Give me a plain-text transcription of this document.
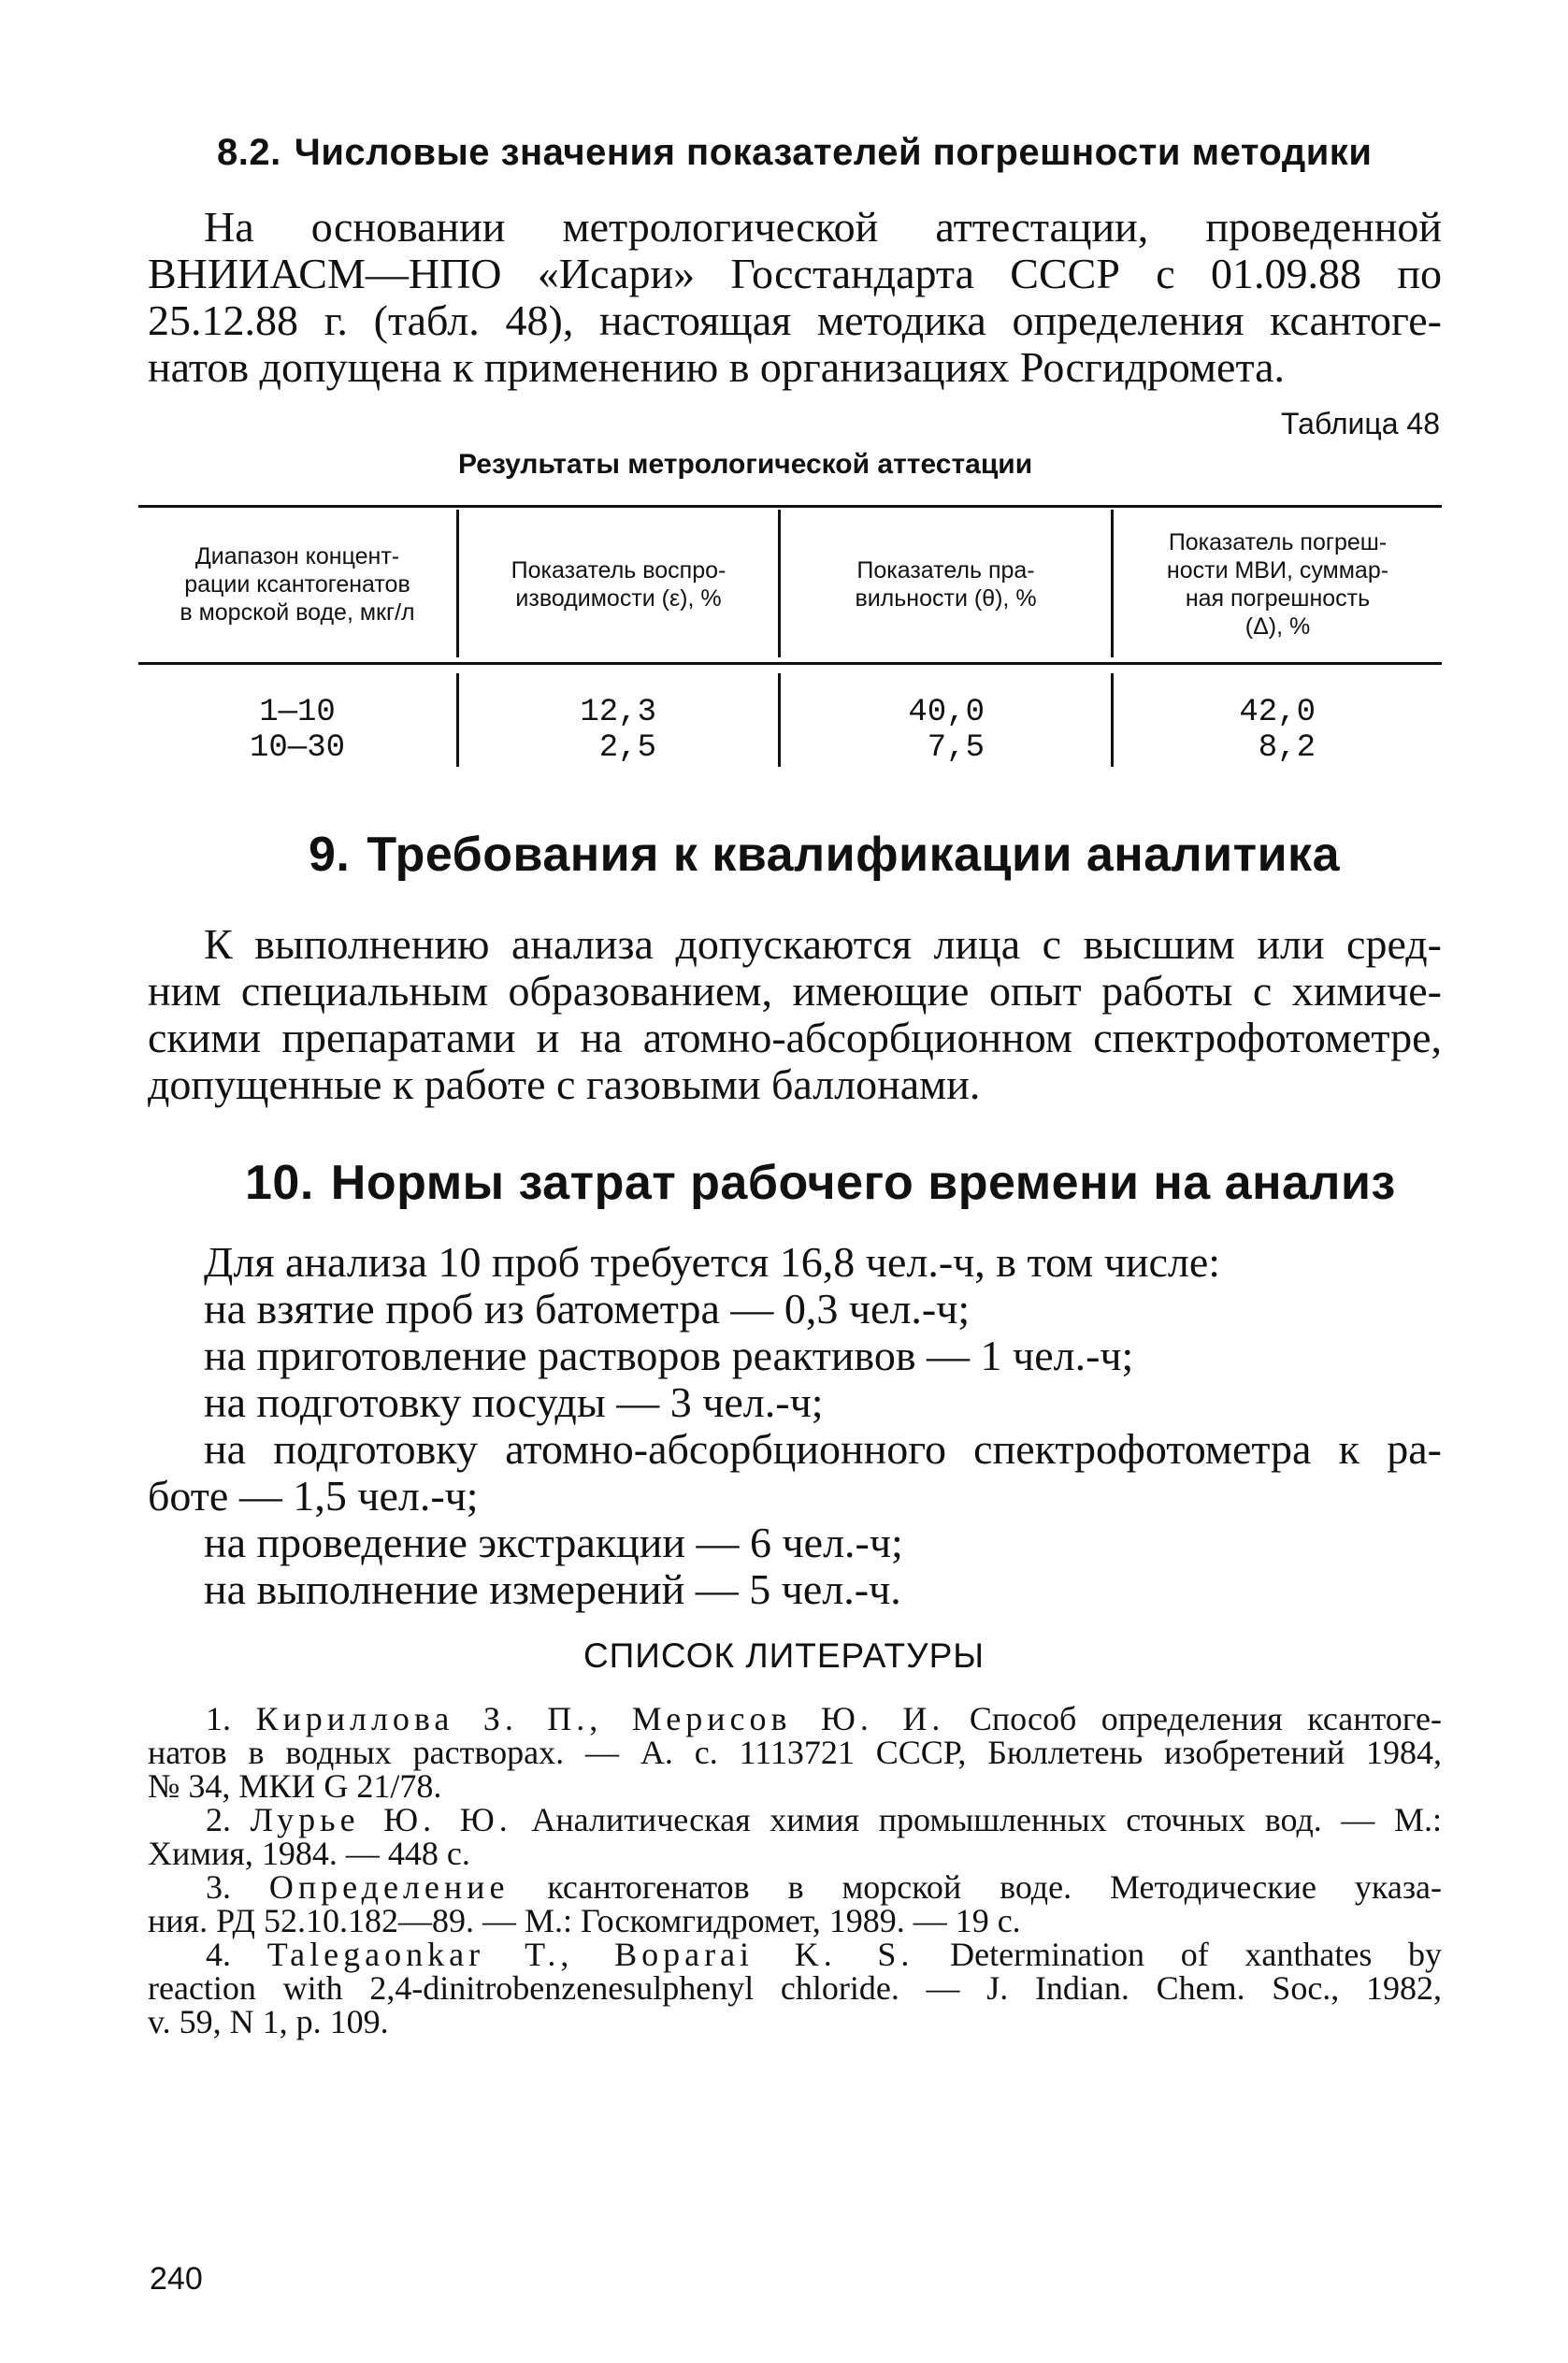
8.2. Числовые значения показателей погрешности методики
На основании метрологической аттестации, проведенной
ВНИИАСМ—НПО «Исари» Госстандарта СССР с 01.09.88 по
25.12.88 г. (табл. 48), настоящая методика определения ксантоге-
натов допущена к применению в организациях Росгидромета.
Таблица 48
Результаты метрологической аттестации
Диапазон концент-
рации ксантогенатов
в морской воде, мкг/л
Показатель воспро-
изводимости (ε), %
Показатель пра-
вильности (θ), %
Показатель погреш-
ности МВИ, суммар-
ная погрешность
(Δ), %
1—10
10—30
12,3
2,5
40,0
7,5
42,0
8,2
9. Требования к квалификации аналитика
К выполнению анализа допускаются лица с высшим или сред-
ним специальным образованием, имеющие опыт работы с химиче-
скими препаратами и на атомно-абсорбционном спектрофотометре,
допущенные к работе с газовыми баллонами.
10. Нормы затрат рабочего времени на анализ
Для анализа 10 проб требуется 16,8 чел.-ч, в том числе:
на взятие проб из батометра — 0,3 чел.-ч;
на приготовление растворов реактивов — 1 чел.-ч;
на подготовку посуды — 3 чел.-ч;
на подготовку атомно-абсорбционного спектрофотометра к ра-
боте — 1,5 чел.-ч;
на проведение экстракции — 6 чел.-ч;
на выполнение измерений — 5 чел.-ч.
СПИСОК ЛИТЕРАТУРЫ
1. Кириллова З. П., Мерисов Ю. И. Способ определения ксантоге-
натов в водных растворах. — А. с. 1113721 СССР, Бюллетень изобретений 1984,
№ 34, МКИ G 21/78.
2. Лурье Ю. Ю. Аналитическая химия промышленных сточных вод. — М.:
Химия, 1984. — 448 с.
3. Определение ксантогенатов в морской воде. Методические указа-
ния. РД 52.10.182—89. — М.: Госкомгидромет, 1989. — 19 с.
4. Talegaonkar T., Boparai K. S. Determination of xanthates by
reaction with 2,4-dinitrobenzenesulphenyl chloride. — J. Indian. Chem. Soc., 1982,
v. 59, N 1, p. 109.
240
